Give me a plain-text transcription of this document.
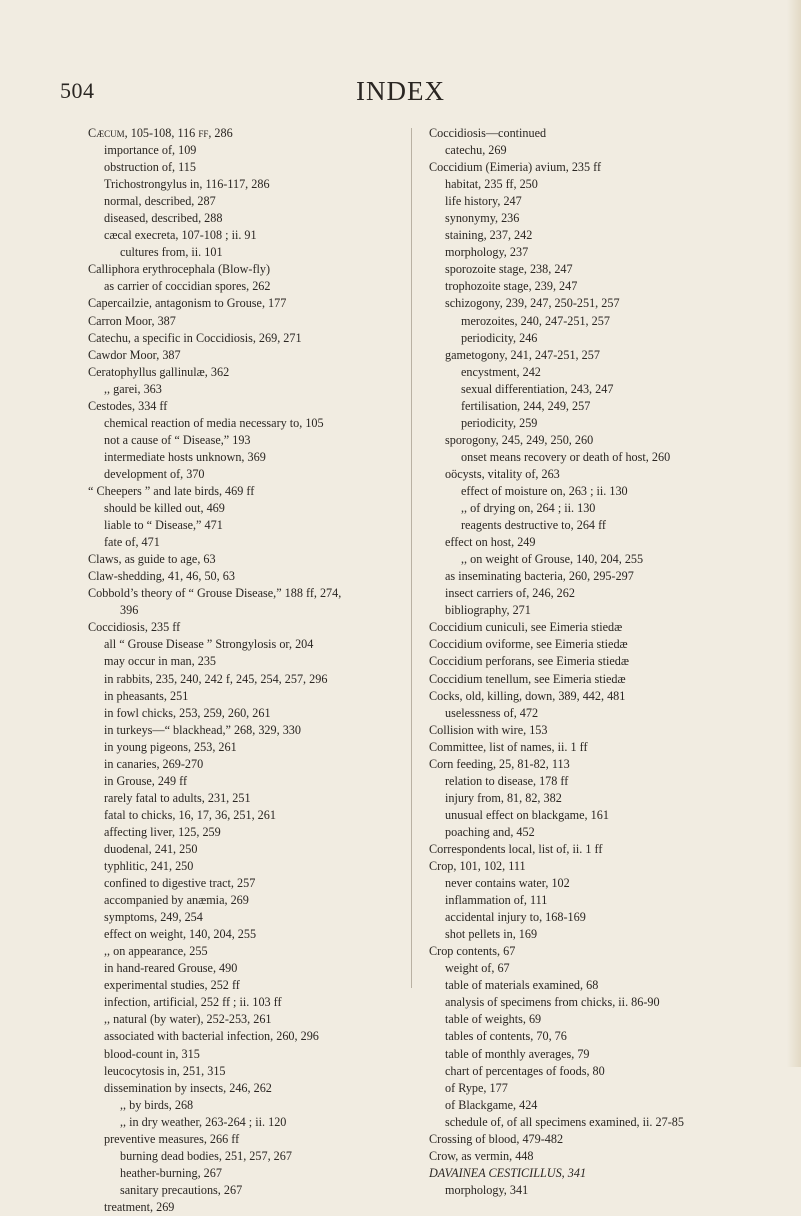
504	INDEX
Cæcum, 105-108, 116 ff, 286
importance of, 109
obstruction of, 115
Trichostrongylus in, 116-117, 286
normal, described, 287
diseased, described, 288
cæcal execreta, 107-108 ; ii. 91
cultures from, ii. 101
Calliphora erythrocephala (Blow-fly)
as carrier of coccidian spores, 262
Capercailzie, antagonism to Grouse, 177
Carron Moor, 387
Catechu, a specific in Coccidiosis, 269, 271
Cawdor Moor, 387
Ceratophyllus gallinulæ, 362
,, garei, 363
Cestodes, 334 ff
chemical reaction of media necessary to, 105
not a cause of “ Disease,” 193
intermediate hosts unknown, 369
development of, 370
“ Cheepers ” and late birds, 469 ff
should be killed out, 469
liable to “ Disease,” 471
fate of, 471
Claws, as guide to age, 63
Claw-shedding, 41, 46, 50, 63
Cobbold’s theory of “ Grouse Disease,” 188 ff, 274,
396
Coccidiosis, 235 ff
all “ Grouse Disease ” Strongylosis or, 204
may occur in man, 235
in rabbits, 235, 240, 242 f, 245, 254, 257, 296
in pheasants, 251
in fowl chicks, 253, 259, 260, 261
in turkeys—“ blackhead,” 268, 329, 330
in young pigeons, 253, 261
in canaries, 269-270
in Grouse, 249 ff
rarely fatal to adults, 231, 251
fatal to chicks, 16, 17, 36, 251, 261
affecting liver, 125, 259
duodenal, 241, 250
typhlitic, 241, 250
confined to digestive tract, 257
accompanied by anæmia, 269
symptoms, 249, 254
effect on weight, 140, 204, 255
,, on appearance, 255
in hand-reared Grouse, 490
experimental studies, 252 ff
infection, artificial, 252 ff ; ii. 103 ff
,, natural (by water), 252-253, 261
associated with bacterial infection, 260, 296
blood-count in, 315
leucocytosis in, 251, 315
dissemination by insects, 246, 262
,, by birds, 268
,, in dry weather, 263-264 ; ii. 120
preventive measures, 266 ff
burning dead bodies, 251, 257, 267
heather-burning, 267
sanitary precautions, 267
treatment, 269
Coccidiosis—continued
catechu, 269
Coccidium (Eimeria) avium, 235 ff
habitat, 235 ff, 250
life history, 247
synonymy, 236
staining, 237, 242
morphology, 237
sporozoite stage, 238, 247
trophozoite stage, 239, 247
schizogony, 239, 247, 250-251, 257
merozoites, 240, 247-251, 257
periodicity, 246
gametogony, 241, 247-251, 257
encystment, 242
sexual differentiation, 243, 247
fertilisation, 244, 249, 257
periodicity, 259
sporogony, 245, 249, 250, 260
onset means recovery or death of host, 260
oöcysts, vitality of, 263
effect of moisture on, 263 ; ii. 130
,, of drying on, 264 ; ii. 130
reagents destructive to, 264 ff
effect on host, 249
,, on weight of Grouse, 140, 204, 255
as inseminating bacteria, 260, 295-297
insect carriers of, 246, 262
bibliography, 271
Coccidium cuniculi, see Eimeria stiedæ
Coccidium oviforme, see Eimeria stiedæ
Coccidium perforans, see Eimeria stiedæ
Coccidium tenellum, see Eimeria stiedæ
Cocks, old, killing, down, 389, 442, 481
uselessness of, 472
Collision with wire, 153
Committee, list of names, ii. 1 ff
Corn feeding, 25, 81-82, 113
relation to disease, 178 ff
injury from, 81, 82, 382
unusual effect on blackgame, 161
poaching and, 452
Correspondents local, list of, ii. 1 ff
Crop, 101, 102, 111
never contains water, 102
inflammation of, 111
accidental injury to, 168-169
shot pellets in, 169
Crop contents, 67
weight of, 67
table of materials examined, 68
analysis of specimens from chicks, ii. 86-90
table of weights, 69
tables of contents, 70, 76
table of monthly averages, 79
chart of percentages of foods, 80
of Rype, 177
of Blackgame, 424
schedule of, of all specimens examined, ii. 27-85
Crossing of blood, 479-482
Crow, as vermin, 448
DAVAINEA CESTICILLUS, 341
morphology, 341
